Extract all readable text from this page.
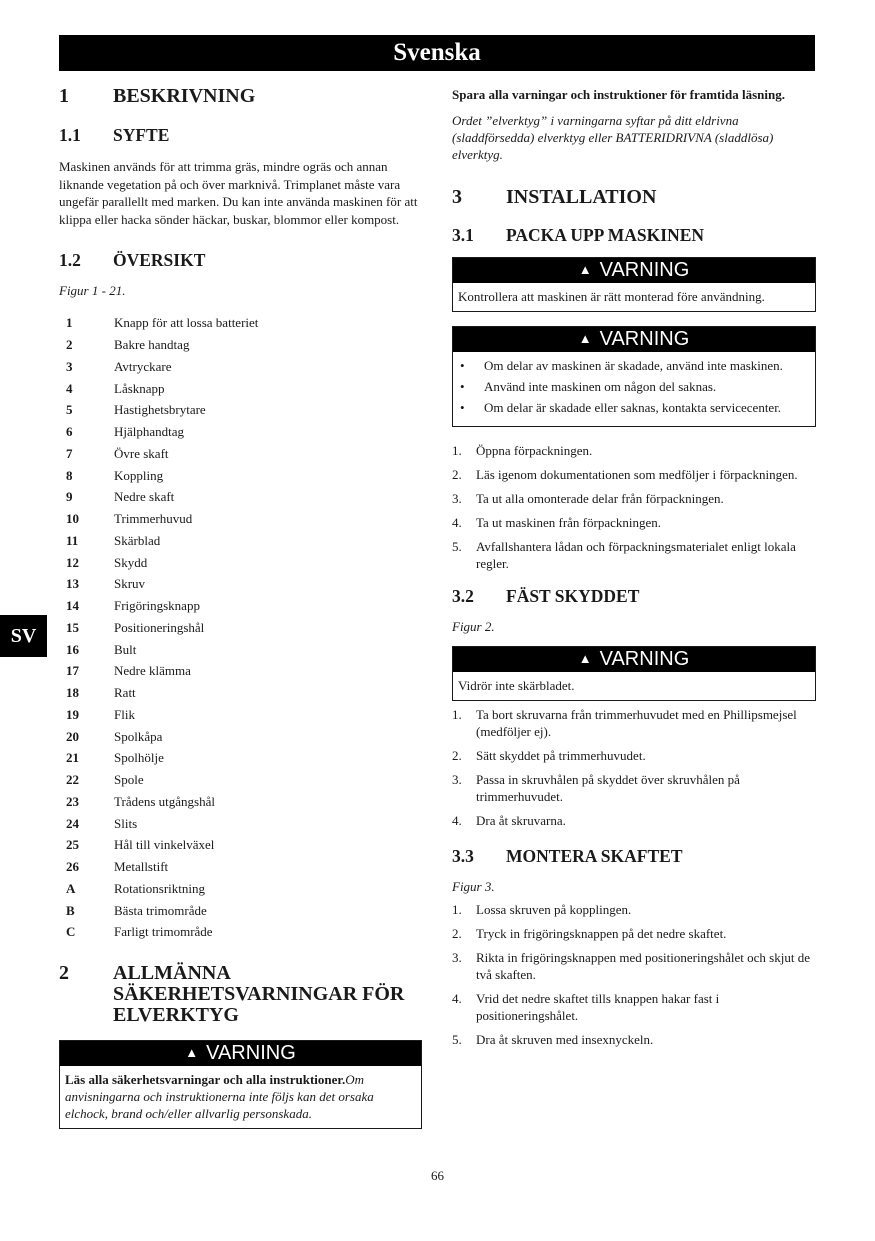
Svenska
SV
1	BESKRIVNING
1.1	SYFTE

Maskinen används för att trimma gräs, mindre ogräs och annan liknande vegetation på och över marknivå. Trimplanet måste vara ungefär parallellt med marken. Du kan inte använda maskinen för att klippa eller hacka sönder häckar, buskar, blommor eller kompost.

1.2	ÖVERSIKT
Figur 1 - 21.
1	Knapp för att lossa batteriet
2	Bakre handtag
3	Avtryckare
4	Låsknapp
5	Hastighetsbrytare
6	Hjälphandtag
7	Övre skaft
8	Koppling
9	Nedre skaft
10	Trimmerhuvud
11	Skärblad
12	Skydd
13	Skruv
14	Frigöringsknapp
15	Positioneringshål
16	Bult
17	Nedre klämma
18	Ratt
19	Flik
20	Spolkåpa
21	Spolhölje
22	Spole
23	Trådens utgångshål
24	Slits
25	Hål till vinkelväxel
26	Metallstift
A	Rotationsriktning
B	Bästa trimområde
C	Farligt trimområde
2	ALLMÄNNA SÄKERHETSVARNINGAR FÖR ELVERKTYG
▲ VARNING
Läs alla säkerhetsvarningar och alla instruktioner.Om anvisningarna och instruktionerna inte följs kan det orsaka elchock, brand och/eller allvarlig personskada.

Spara alla varningar och instruktioner för framtida läsning.

Ordet ”elverktyg” i varningarna syftar på ditt eldrivna (sladdförsedda) elverktyg eller BATTERIDRIVNA (sladdlösa) elverktyg.

3	INSTALLATION
3.1	PACKA UPP MASKINEN
▲ VARNING
Kontrollera att maskinen är rätt monterad före användning.
▲ VARNING
•	Om delar av maskinen är skadade, använd inte maskinen.
•	Använd inte maskinen om någon del saknas.
•	Om delar är skadade eller saknas, kontakta servicecenter.
1.	Öppna förpackningen.
2.	Läs igenom dokumentationen som medföljer i förpackningen.
3.	Ta ut alla omonterade delar från förpackningen.
4.	Ta ut maskinen från förpackningen.
5.	Avfallshantera lådan och förpackningsmaterialet enligt lokala regler.
3.2	FÄST SKYDDET
Figur 2.
▲ VARNING
Vidrör inte skärbladet.
1.	Ta bort skruvarna från trimmerhuvudet med en Phillipsmejsel (medföljer ej).
2.	Sätt skyddet på trimmerhuvudet.
3.	Passa in skruvhålen på skyddet över skruvhålen på trimmerhuvudet.
4.	Dra åt skruvarna.
3.3	MONTERA SKAFTET
Figur 3.
1.	Lossa skruven på kopplingen.
2.	Tryck in frigöringsknappen på det nedre skaftet.
3.	Rikta in frigöringsknappen med positioneringshålet och skjut de två skaften.
4.	Vrid det nedre skaftet tills knappen hakar fast i positioneringshålet.
5.	Dra åt skruven med insexnyckeln.
66
